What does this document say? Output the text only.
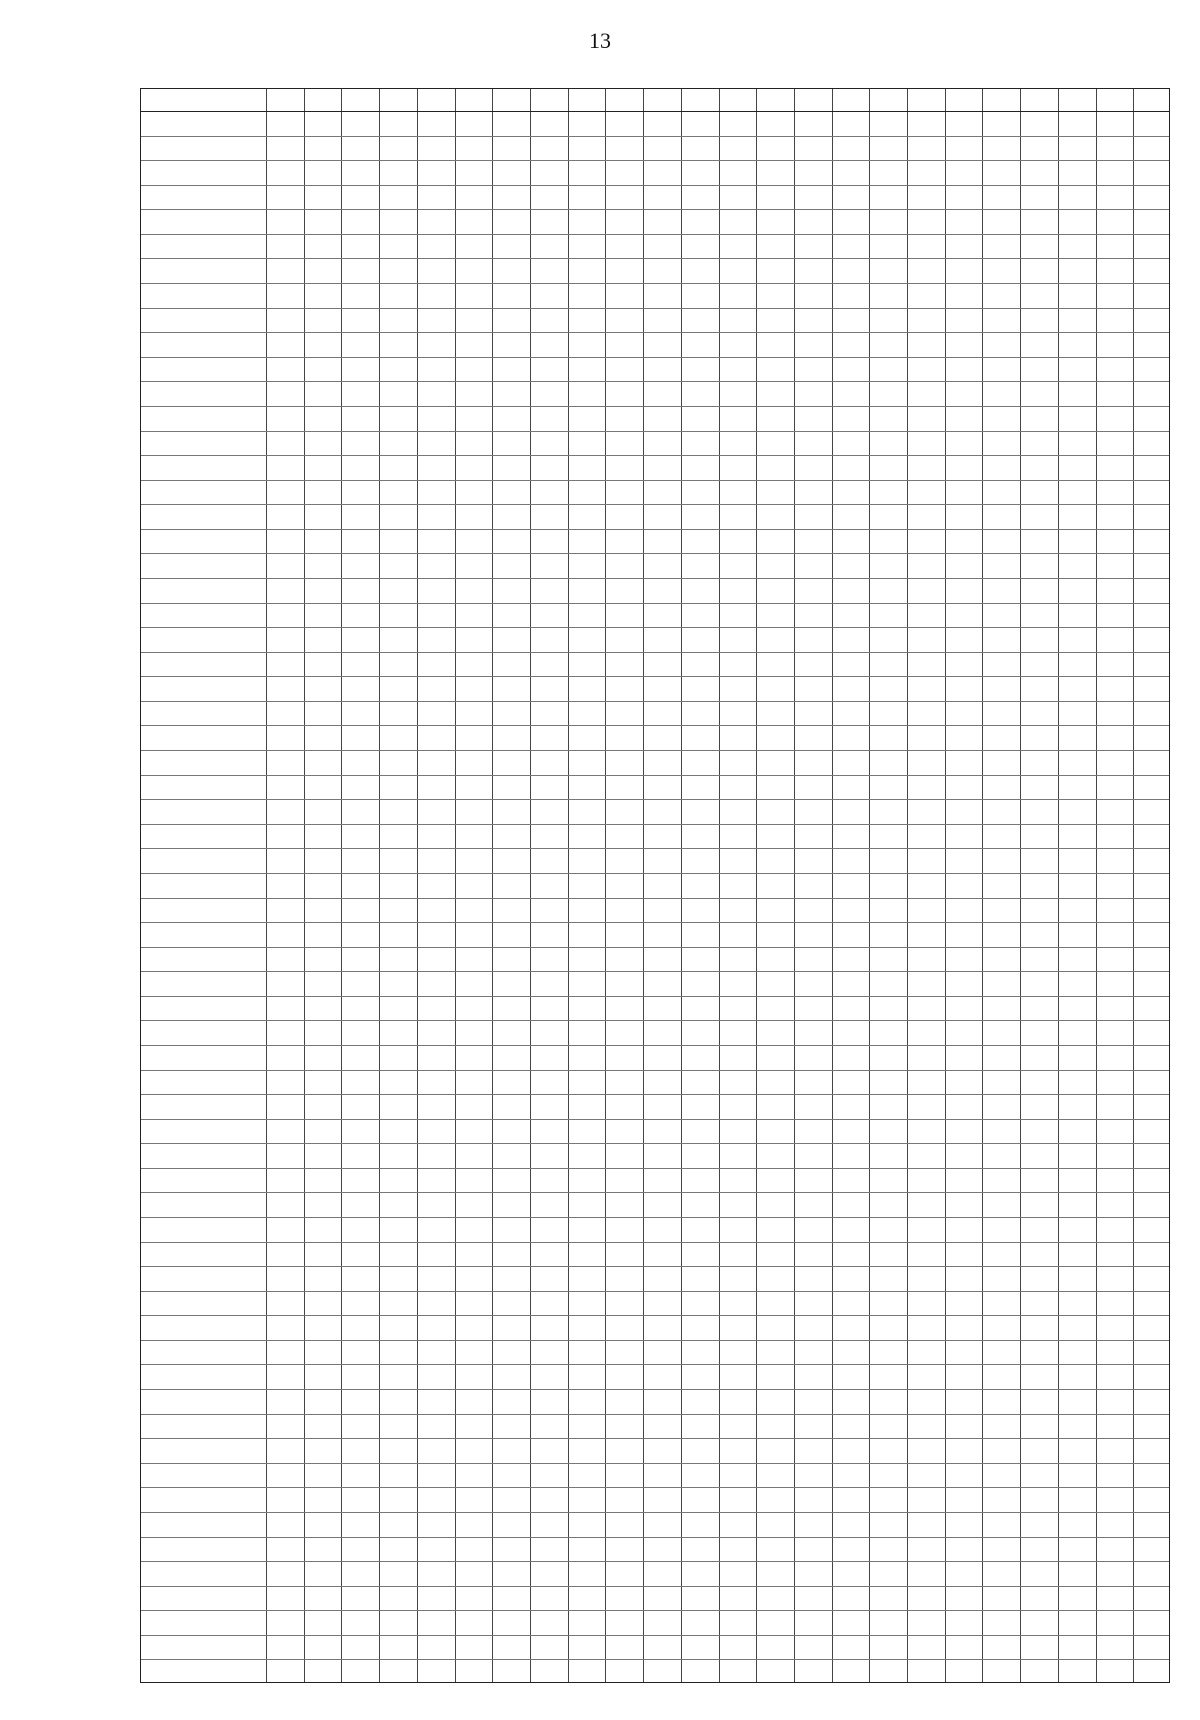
13
